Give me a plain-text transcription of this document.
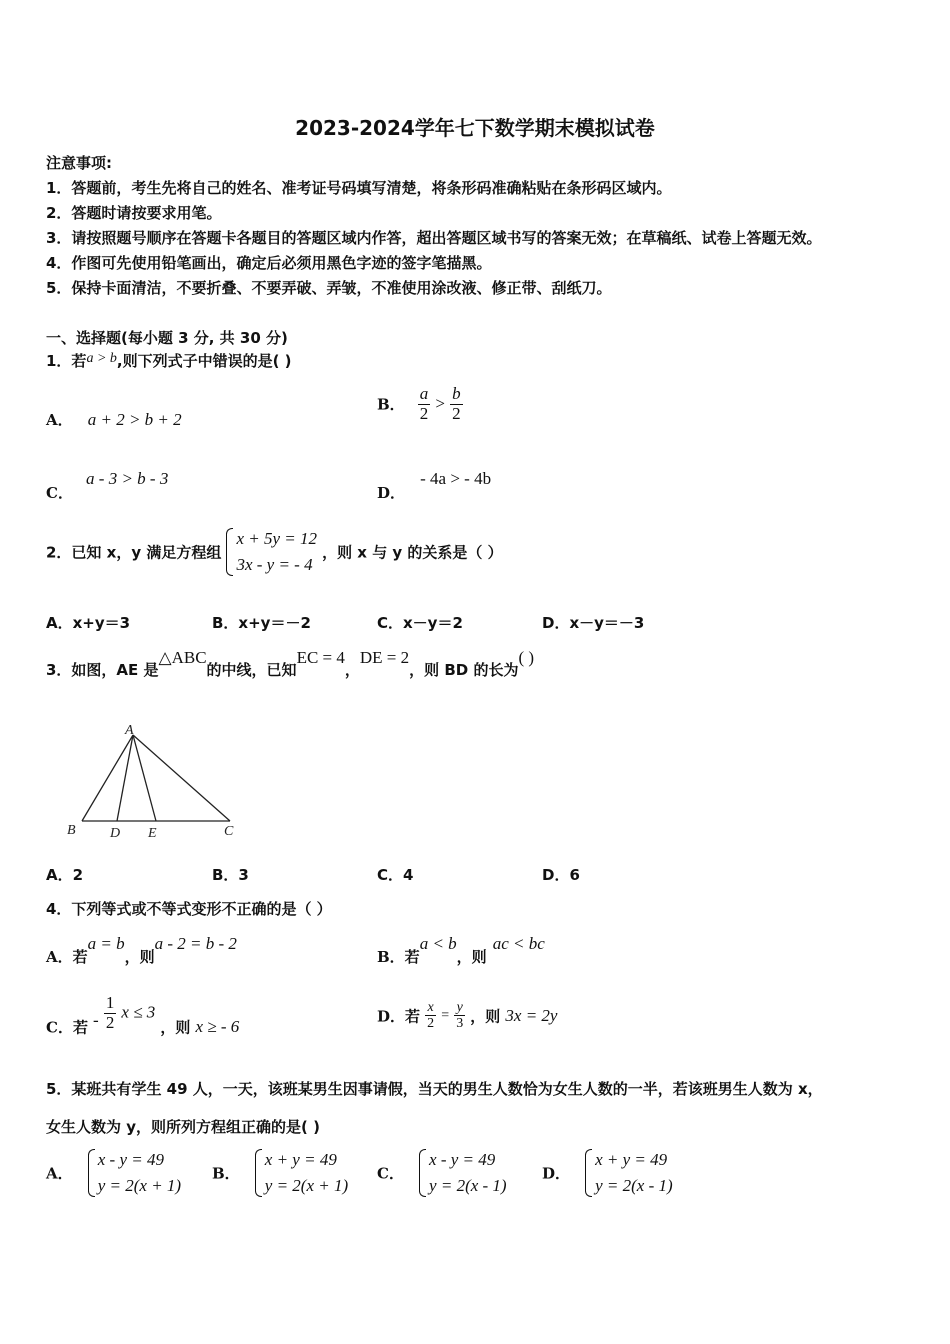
2023-2024学年七下数学期末模拟试卷
注意事项:
1．答题前，考生先将自己的姓名、准考证号码填写清楚，将条形码准确粘贴在条形码区域内。
2．答题时请按要求用笔。
3．请按照题号顺序在答题卡各题目的答题区域内作答，超出答题区域书写的答案无效；在草稿纸、试卷上答题无效。
4．作图可先使用铅笔画出，确定后必须用黑色字迹的签字笔描黑。
5．保持卡面清洁，不要折叠、不要弄破、弄皱，不准使用涂改液、修正带、刮纸刀。
一、选择题(每小题 3 分, 共 30 分)
1．若a > b,则下列式子中错误的是( )
A． a + 2 > b + 2
B． $\frac{a}{2} > \frac{b}{2}$
C． a - 3 > b - 3
D． - 4a > - 4b
2．已知 x，y 满足方程组
x + 5y = 12
3x - y = - 4
，则 x 与 y 的关系是（ ）
A．x+y＝3	B．x+y＝－2	C．x－y＝2	D．x－y＝－3
3．如图，AE 是△ABC的中线，已知EC = 4，DE = 2，则 BD 的长为( )
A
B D E	C
A．2	B．3	C．4	D．6
4．下列等式或不等式变形不正确的是（ ）
A．若a = b，则a - 2 = b - 2
B．若a < b，则ac < bc
C．若 - $\frac{1}{2}$ x ≤ 3 ，则 x ≥ - 6
D．若 $\frac{x}{2} = \frac{y}{3}$ ，则 3x = 2y
5．某班共有学生 49 人，一天，该班某男生因事请假，当天的男生人数恰为女生人数的一半，若该班男生人数为 x，
女生人数为 y，则所列方程组正确的是( )
A．
x - y = 49
y = 2(x + 1)
B．
x + y = 49
y = 2(x + 1)
C．
x - y = 49
y = 2(x - 1)
D．
x + y = 49
y = 2(x - 1)
